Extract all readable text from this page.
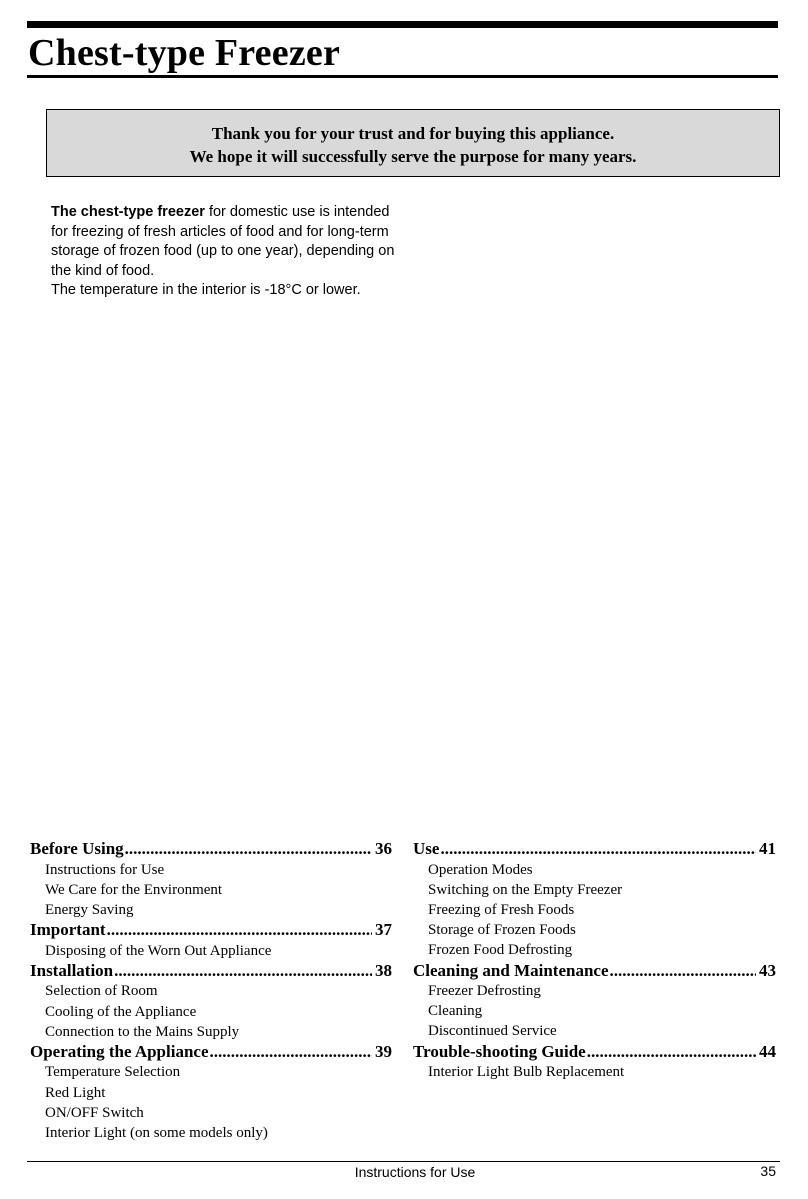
Chest-type Freezer
Thank you for your trust and for buying this appliance.
We hope it will successfully serve the purpose for many years.

The chest-type freezer for domestic use is intended for freezing of fresh articles of food and for long-term storage of frozen food (up to one year), depending on the kind of food.

The temperature in the interior is -18°C or lower.

Before Using .....	36
Instructions for Use
We Care for the Environment
Energy Saving
Important .....	37
Disposing of the Worn Out Appliance
Installation .....	38
Selection of Room
Cooling of the Appliance
Connection to the Mains Supply
Operating the Appliance .....	39
Temperature Selection
Red Light
ON/OFF Switch
Interior Light (on some models only)
Use .....	41
Operation Modes
Switching on the Empty Freezer
Freezing of Fresh Foods
Storage of Frozen Foods
Frozen Food Defrosting
Cleaning and Maintenance .....	43
Freezer Defrosting
Cleaning
Discontinued Service
Trouble-shooting Guide .....	44
Interior Light Bulb Replacement
Instructions for Use	35
